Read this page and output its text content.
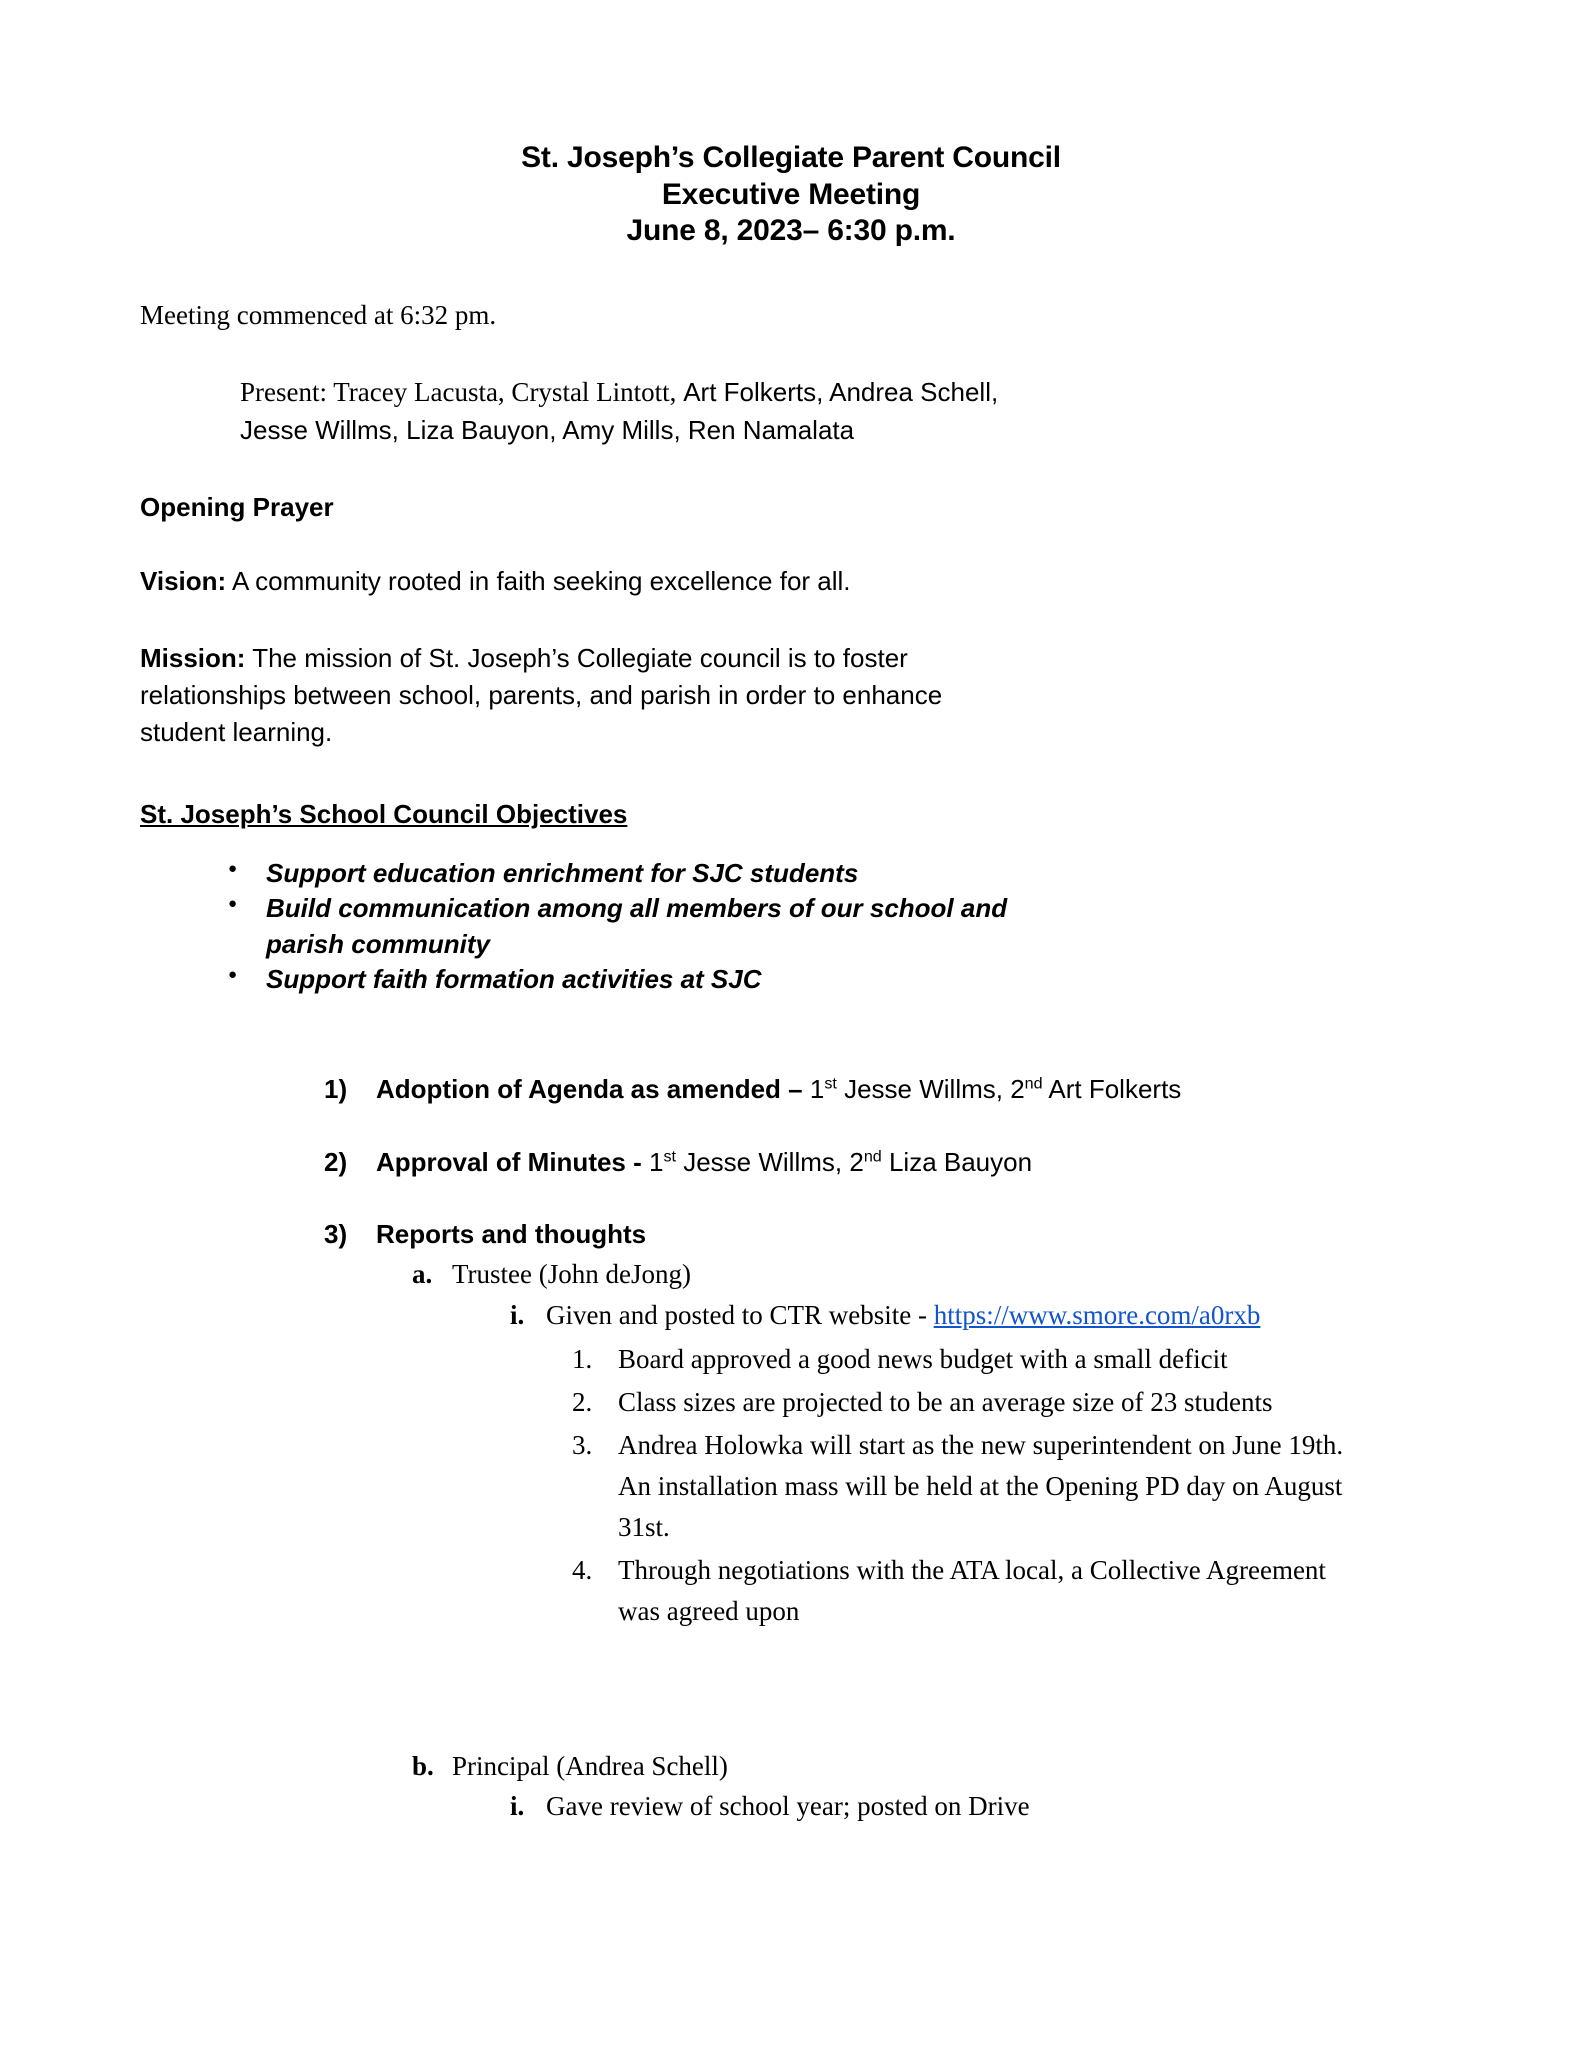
St. Joseph’s Collegiate Parent Council
Executive Meeting
June 8, 2023– 6:30 p.m.

Meeting commenced at 6:32 pm.

Present: Tracey Lacusta, Crystal Lintott, Art Folkerts, Andrea Schell, Jesse Willms, Liza Bauyon, Amy Mills, Ren Namalata

Opening Prayer

Vision: A community rooted in faith seeking excellence for all.

Mission: The mission of St. Joseph’s Collegiate council is to foster relationships between school, parents, and parish in order to enhance student learning.

St. Joseph’s School Council Objectives
● Support education enrichment for SJC students
● Build communication among all members of our school and parish community
● Support faith formation activities at SJC
1) Adoption of Agenda as amended – 1st Jesse Willms, 2nd Art Folkerts
2) Approval of Minutes - 1st Jesse Willms, 2nd Liza Bauyon
3) Reports and thoughts
a. Trustee (John deJong)
i. Given and posted to CTR website - https://www.smore.com/a0rxb
1. Board approved a good news budget with a small deficit
2. Class sizes are projected to be an average size of 23 students
3. Andrea Holowka will start as the new superintendent on June 19th. An installation mass will be held at the Opening PD day on August 31st.
4. Through negotiations with the ATA local, a Collective Agreement was agreed upon
b. Principal (Andrea Schell)
i. Gave review of school year; posted on Drive
